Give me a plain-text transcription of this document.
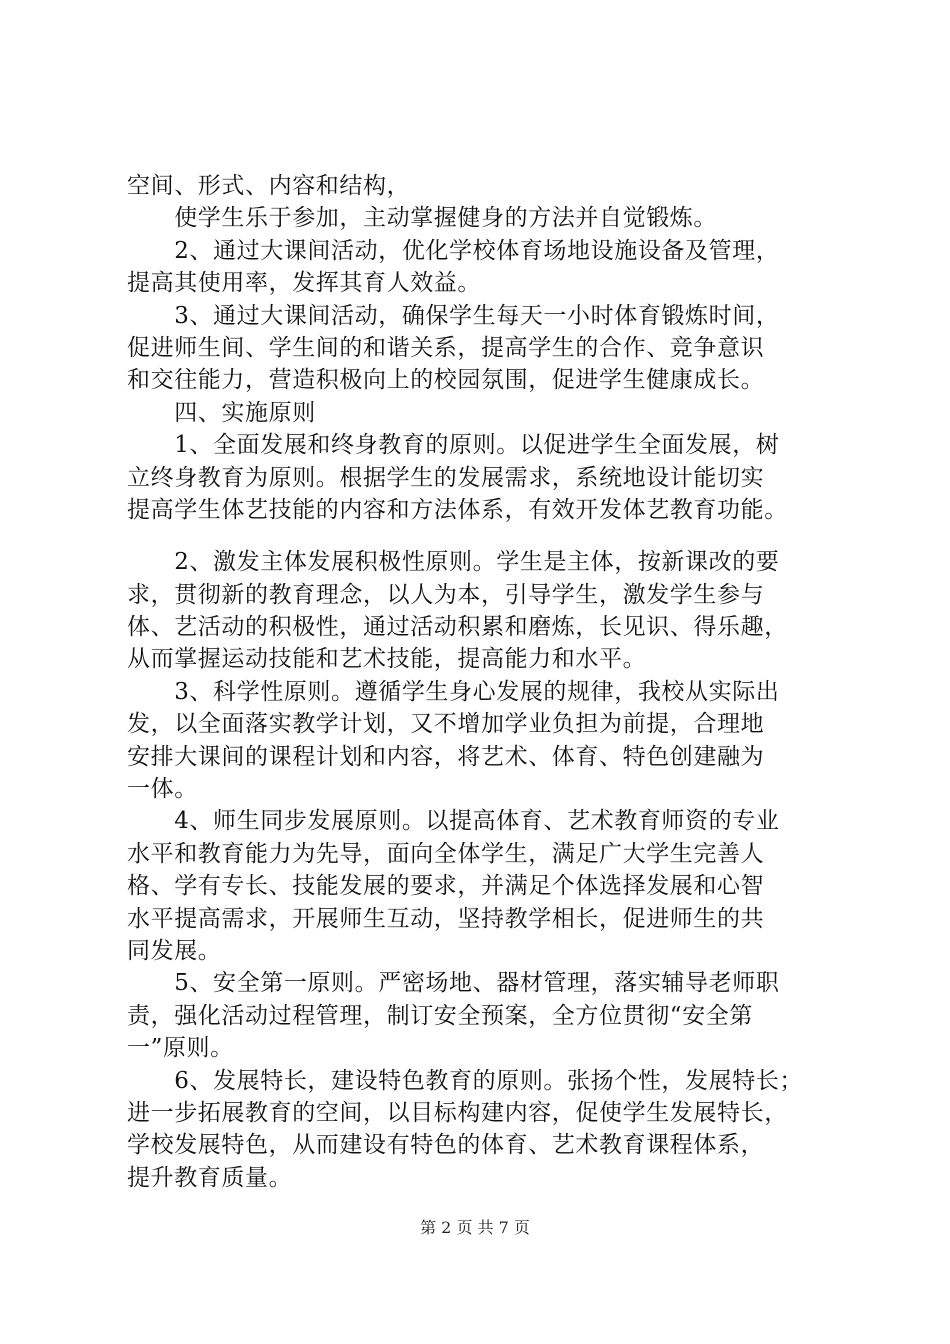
空间、形式、内容和结构，
　　使学生乐于参加，主动掌握健身的方法并自觉锻炼。
　　2、通过大课间活动，优化学校体育场地设施设备及管理，
提高其使用率，发挥其育人效益。
　　3、通过大课间活动，确保学生每天一小时体育锻炼时间，
促进师生间、学生间的和谐关系，提高学生的合作、竞争意识
和交往能力，营造积极向上的校园氛围，促进学生健康成长。
　　四、实施原则
　　1、全面发展和终身教育的原则。以促进学生全面发展，树
立终身教育为原则。根据学生的发展需求，系统地设计能切实
提高学生体艺技能的内容和方法体系，有效开发体艺教育功能。
　　2、激发主体发展积极性原则。学生是主体，按新课改的要
求，贯彻新的教育理念，以人为本，引导学生，激发学生参与
体、艺活动的积极性，通过活动积累和磨炼，长见识、得乐趣，
从而掌握运动技能和艺术技能，提高能力和水平。
　　3、科学性原则。遵循学生身心发展的规律，我校从实际出
发，以全面落实教学计划，又不增加学业负担为前提，合理地
安排大课间的课程计划和内容，将艺术、体育、特色创建融为
一体。
　　4、师生同步发展原则。以提高体育、艺术教育师资的专业
水平和教育能力为先导，面向全体学生，满足广大学生完善人
格、学有专长、技能发展的要求，并满足个体选择发展和心智
水平提高需求，开展师生互动，坚持教学相长，促进师生的共
同发展。
　　5、安全第一原则。严密场地、器材管理，落实辅导老师职
责，强化活动过程管理，制订安全预案，全方位贯彻“安全第
一”原则。
　　6、发展特长，建设特色教育的原则。张扬个性，发展特长；
进一步拓展教育的空间，以目标构建内容，促使学生发展特长，
学校发展特色，从而建设有特色的体育、艺术教育课程体系，
提升教育质量。
第 2 页 共 7 页
